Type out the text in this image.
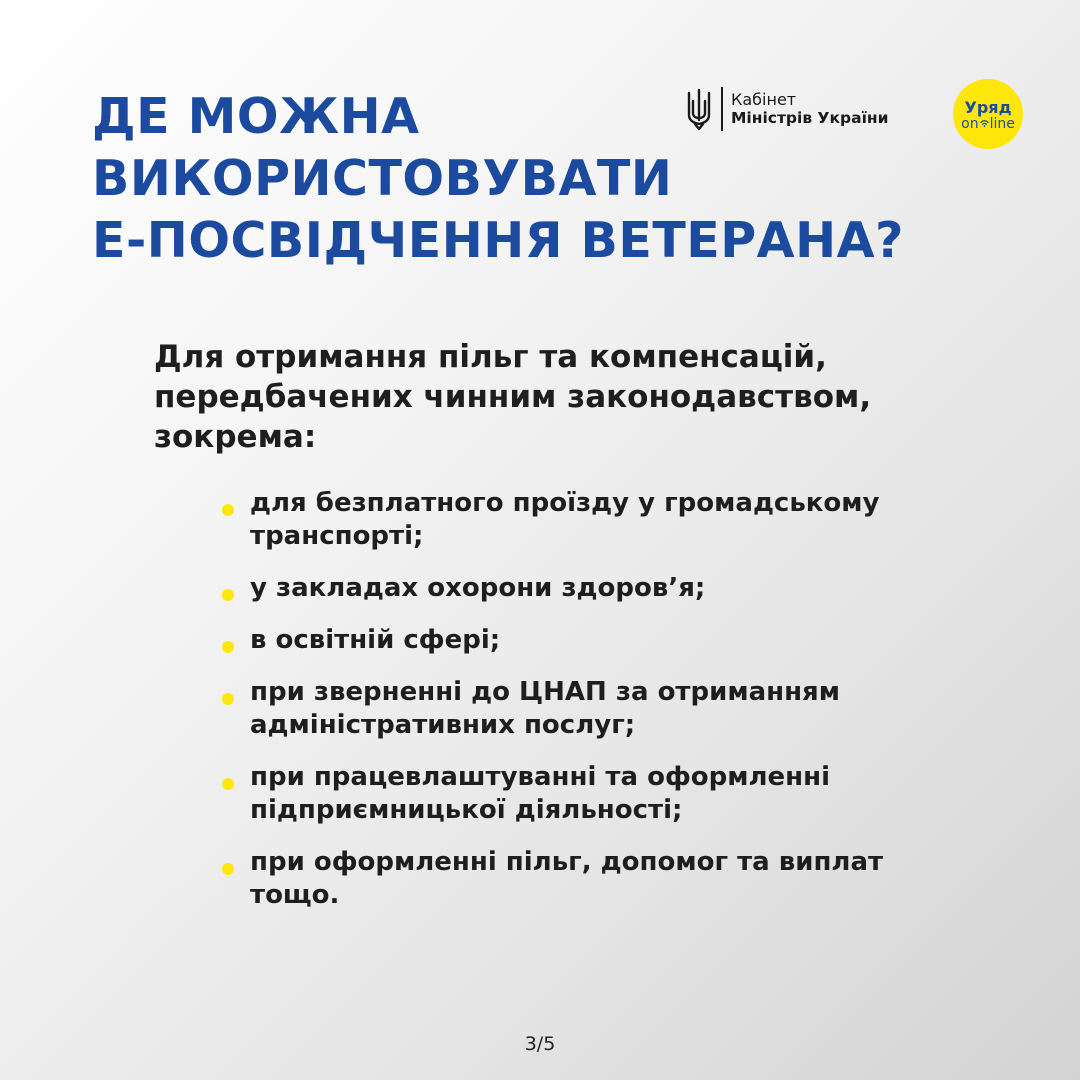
ДЕ МОЖНА
ВИКОРИСТОВУВАТИ
Е-ПОСВІДЧЕННЯ ВЕТЕРАНА?
Кабінет
Міністрів України
Уряд
on line

Для отримання пільг та компенсацій,
передбачених чинним законодавством,
зокрема:

для безплатного проїзду у громадському
транспорті;
у закладах охорони здоров’я;
в освітній сфері;
при зверненні до ЦНАП за отриманням
адміністративних послуг;
при працевлаштуванні та оформленні
підприємницької діяльності;
при оформленні пільг, допомог та виплат
тощо.
3/5
